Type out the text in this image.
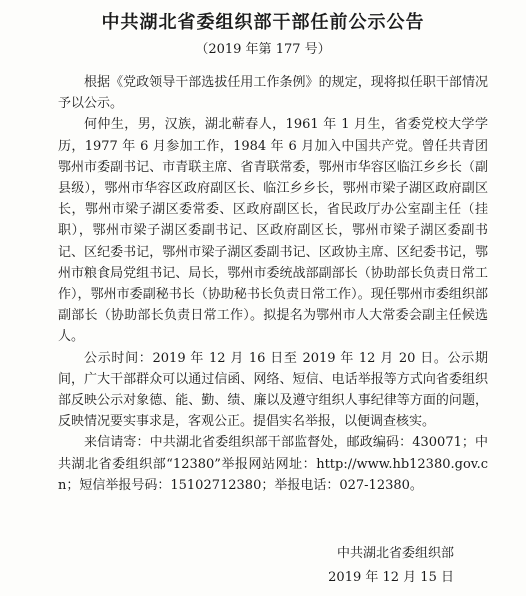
中共湖北省委组织部干部任前公示公告
（2019 年第 177 号）

根据《党政领导干部选拔任用工作条例》的规定，现将拟任职干部情况予以公示。

何仲生，男，汉族，湖北蕲春人，1961 年 1 月生，省委党校大学学历，1977 年 6 月参加工作，1984 年 6 月加入中国共产党。曾任共青团鄂州市委副书记、市青联主席、省青联常委，鄂州市华容区临江乡乡长（副县级），鄂州市华容区政府副区长、临江乡乡长，鄂州市梁子湖区政府副区长，鄂州市梁子湖区委常委、区政府副区长，省民政厅办公室副主任（挂职），鄂州市梁子湖区委副书记、区政府副区长，鄂州市梁子湖区委副书记、区纪委书记，鄂州市梁子湖区委副书记、区政协主席、区纪委书记，鄂州市粮食局党组书记、局长，鄂州市委统战部副部长（协助部长负责日常工作），鄂州市委副秘书长（协助秘书长负责日常工作）。现任鄂州市委组织部副部长（协助部长负责日常工作）。拟提名为鄂州市人大常委会副主任候选人。

公示时间：2019 年 12 月 16 日至 2019 年 12 月 20 日。公示期间，广大干部群众可以通过信函、网络、短信、电话举报等方式向省委组织部反映公示对象德、能、勤、绩、廉以及遵守组织人事纪律等方面的问题，反映情况要实事求是，客观公正。提倡实名举报，以便调查核实。

来信请寄：中共湖北省委组织部干部监督处，邮政编码：430071；中共湖北省委组织部“12380”举报网站网址：http://www.hb12380.gov.cn；短信举报号码：15102712380；举报电话：027-12380。

中共湖北省委组织部
2019 年 12 月 15 日
